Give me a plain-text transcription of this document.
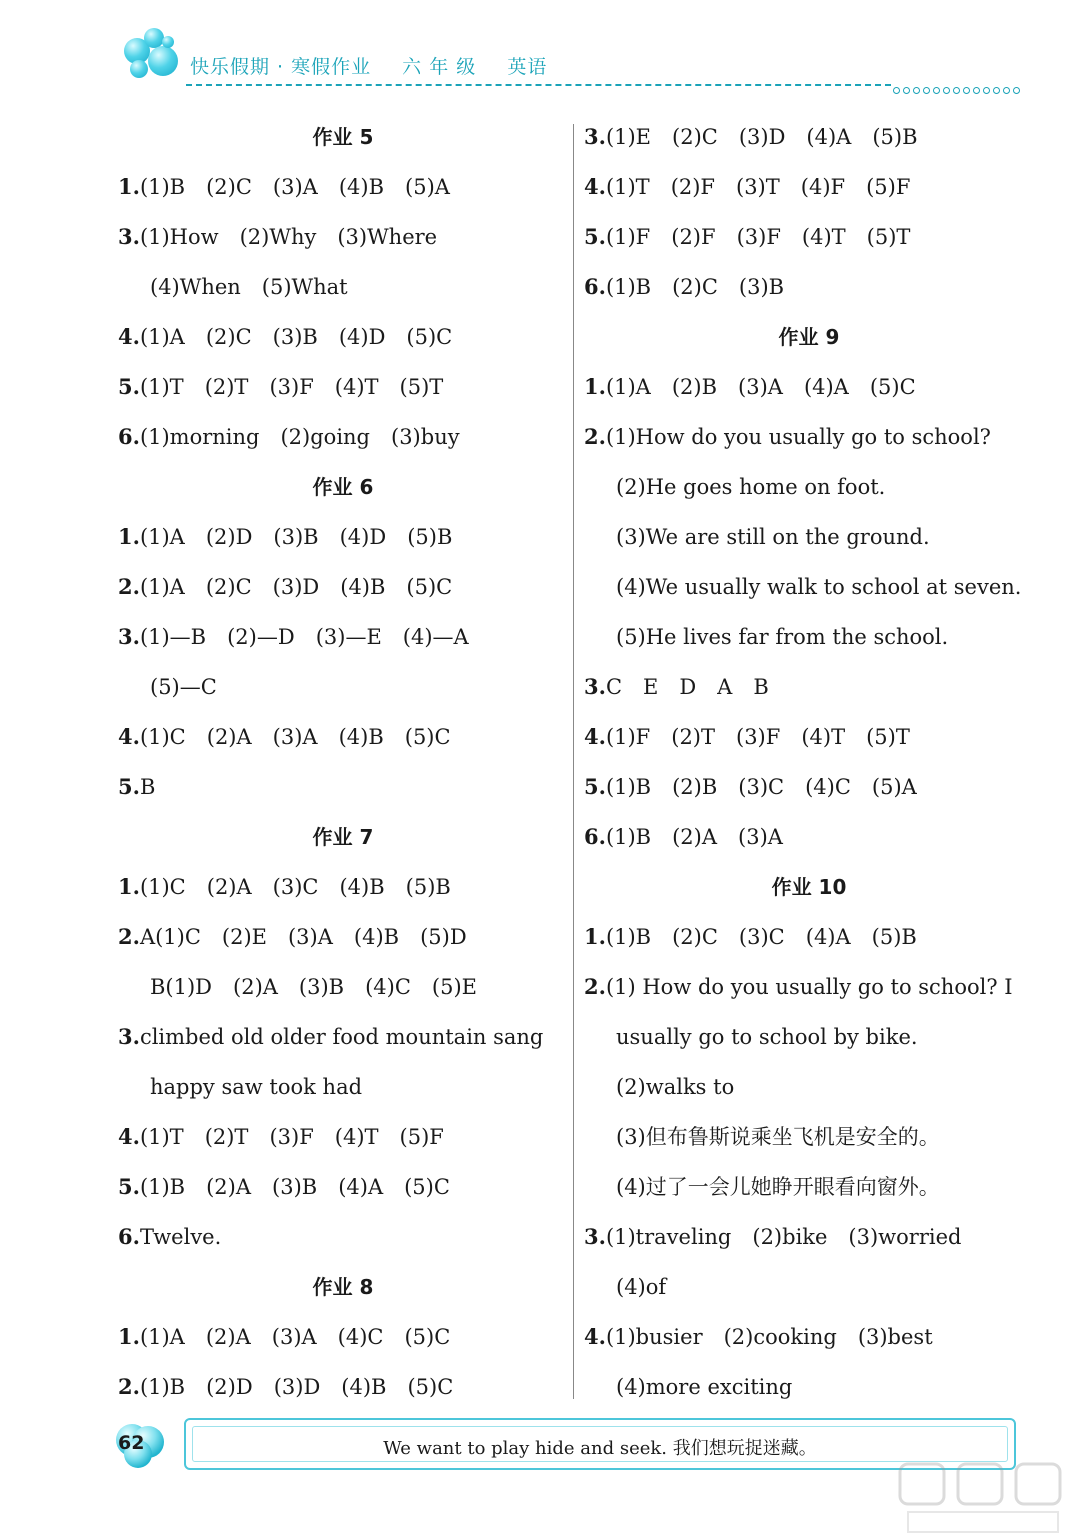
快乐假期 · 寒假作业 六 年 级 英语
作业 5
1.(1)B　(2)C　(3)A　(4)B　(5)A
3.(1)How　(2)Why　(3)Where
(4)When　(5)What
4.(1)A　(2)C　(3)B　(4)D　(5)C
5.(1)T　(2)T　(3)F　(4)T　(5)T
6.(1)morning　(2)going　(3)buy
作业 6
1.(1)A　(2)D　(3)B　(4)D　(5)B
2.(1)A　(2)C　(3)D　(4)B　(5)C
3.(1)—B　(2)—D　(3)—E　(4)—A
(5)—C
4.(1)C　(2)A　(3)A　(4)B　(5)C
5.B
作业 7
1.(1)C　(2)A　(3)C　(4)B　(5)B
2.A(1)C　(2)E　(3)A　(4)B　(5)D
B(1)D　(2)A　(3)B　(4)C　(5)E
3.climbed old older food mountain sang
happy saw took had
4.(1)T　(2)T　(3)F　(4)T　(5)F
5.(1)B　(2)A　(3)B　(4)A　(5)C
6.Twelve.
作业 8
1.(1)A　(2)A　(3)A　(4)C　(5)C
2.(1)B　(2)D　(3)D　(4)B　(5)C
3.(1)E　(2)C　(3)D　(4)A　(5)B
4.(1)T　(2)F　(3)T　(4)F　(5)F
5.(1)F　(2)F　(3)F　(4)T　(5)T
6.(1)B　(2)C　(3)B
作业 9
1.(1)A　(2)B　(3)A　(4)A　(5)C
2.(1)How do you usually go to school?
(2)He goes home on foot.
(3)We are still on the ground.
(4)We usually walk to school at seven.
(5)He lives far from the school.
3.C　E　D　A　B
4.(1)F　(2)T　(3)F　(4)T　(5)T
5.(1)B　(2)B　(3)C　(4)C　(5)A
6.(1)B　(2)A　(3)A
作业 10
1.(1)B　(2)C　(3)C　(4)A　(5)B
2.(1) How do you usually go to school? I
usually go to school by bike.
(2)walks to
(3)但布鲁斯说乘坐飞机是安全的。
(4)过了一会儿她睁开眼看向窗外。
3.(1)traveling　(2)bike　(3)worried
(4)of
4.(1)busier　(2)cooking　(3)best
(4)more exciting
62	We want to play hide and seek. 我们想玩捉迷藏。
